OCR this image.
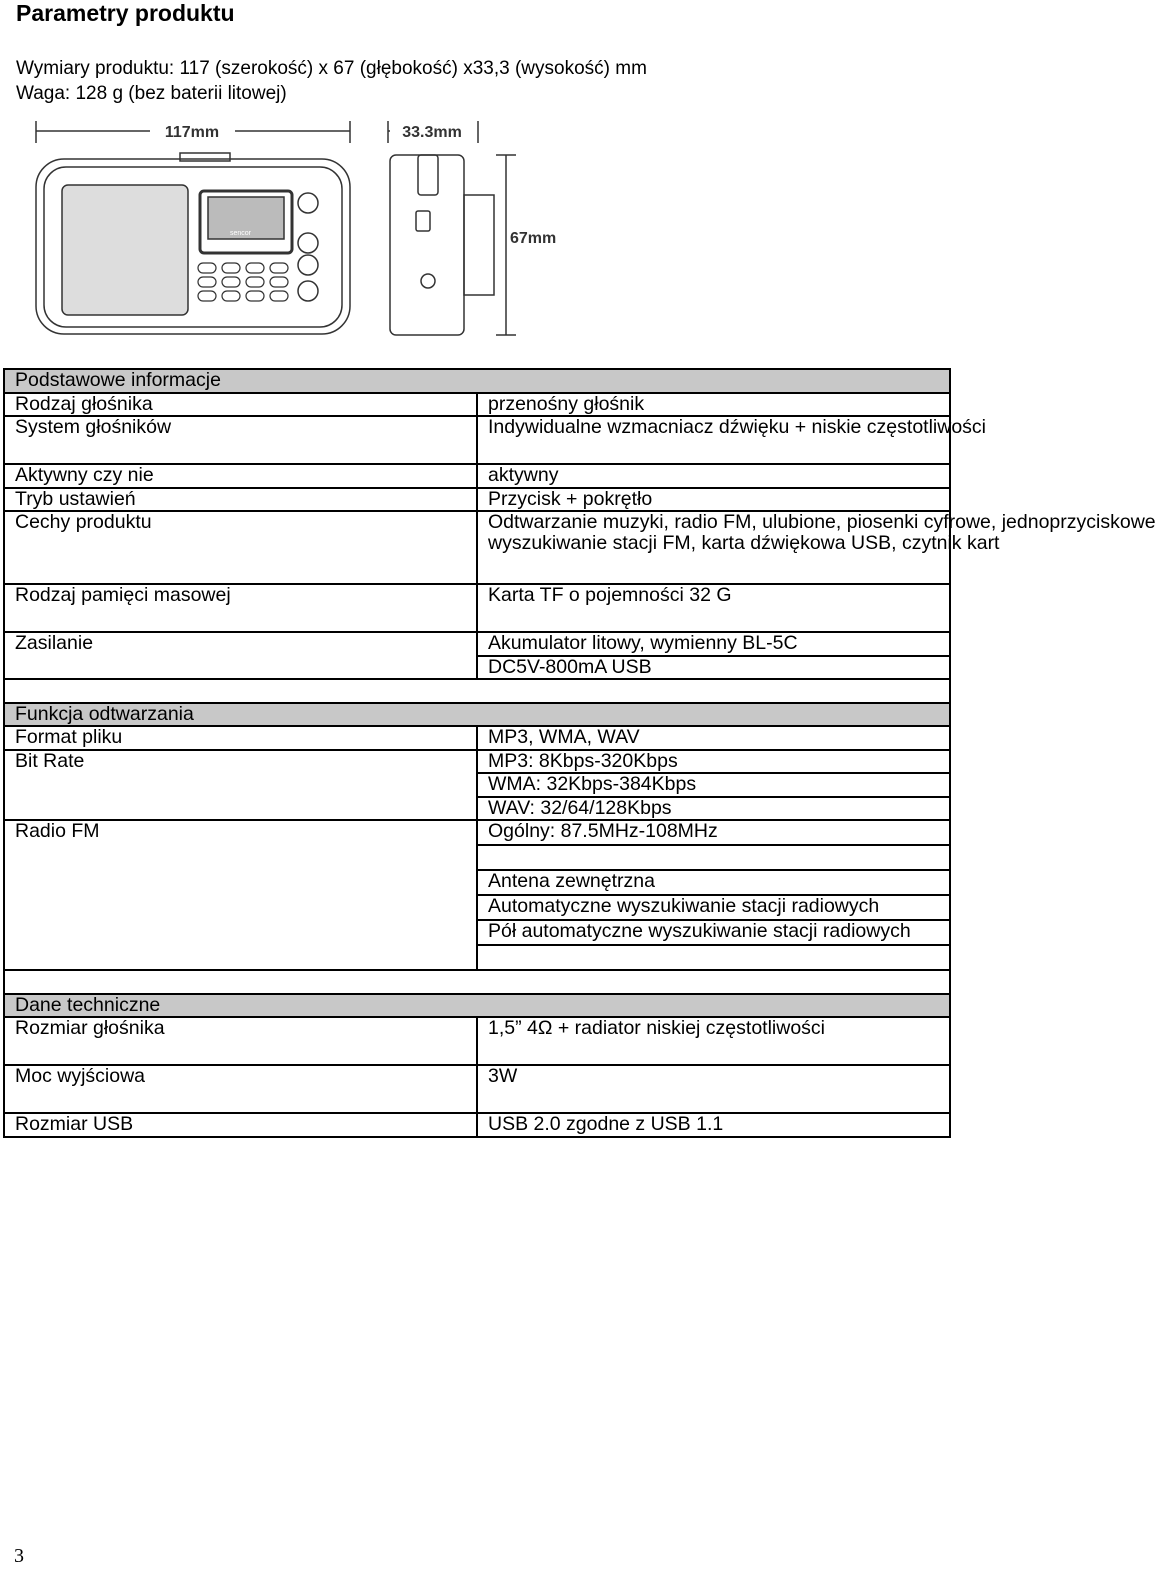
Parametry produktu
Wymiary produktu: 117 (szerokość) x 67 (głębokość) x33,3 (wysokość) mm
Waga: 128 g (bez baterii litowej)
117mm	33.3mm
67mm
sencor
Podstawowe informacje	
Rodzaj głośnika	przenośny głośnik
System głośników	Indywidualne wzmacniacz dźwięku + niskie częstotliwości
Aktywny czy nie	aktywny
Tryb ustawień	Przycisk + pokrętło
Cechy produktu	Odtwarzanie muzyki, radio FM, ulubione, piosenki cyfrowe, jednoprzyciskowe
wyszukiwanie stacji FM, karta dźwiękowa USB, czytnik kart

Rodzaj pamięci masowej	Karta TF o pojemności 32 G
Zasilanie	Akumulator litowy, wymienny BL-5C
	DC5V-800mA USB

Funkcja odtwarzania	
Format pliku	MP3, WMA, WAV
Bit Rate	MP3: 8Kbps-320Kbps
	WMA: 32Kbps-384Kbps
	WAV: 32/64/128Kbps
Radio FM	Ogólny: 87.5MHz-108MHz

	Antena zewnętrzna
	Automatyczne wyszukiwanie stacji radiowych
	Pół automatyczne wyszukiwanie stacji radiowych

Dane techniczne	
Rozmiar głośnika	1,5” 4Ω + radiator niskiej częstotliwości
Moc wyjściowa	3W
Rozmiar USB	USB 2.0 zgodne z USB 1.1
3
